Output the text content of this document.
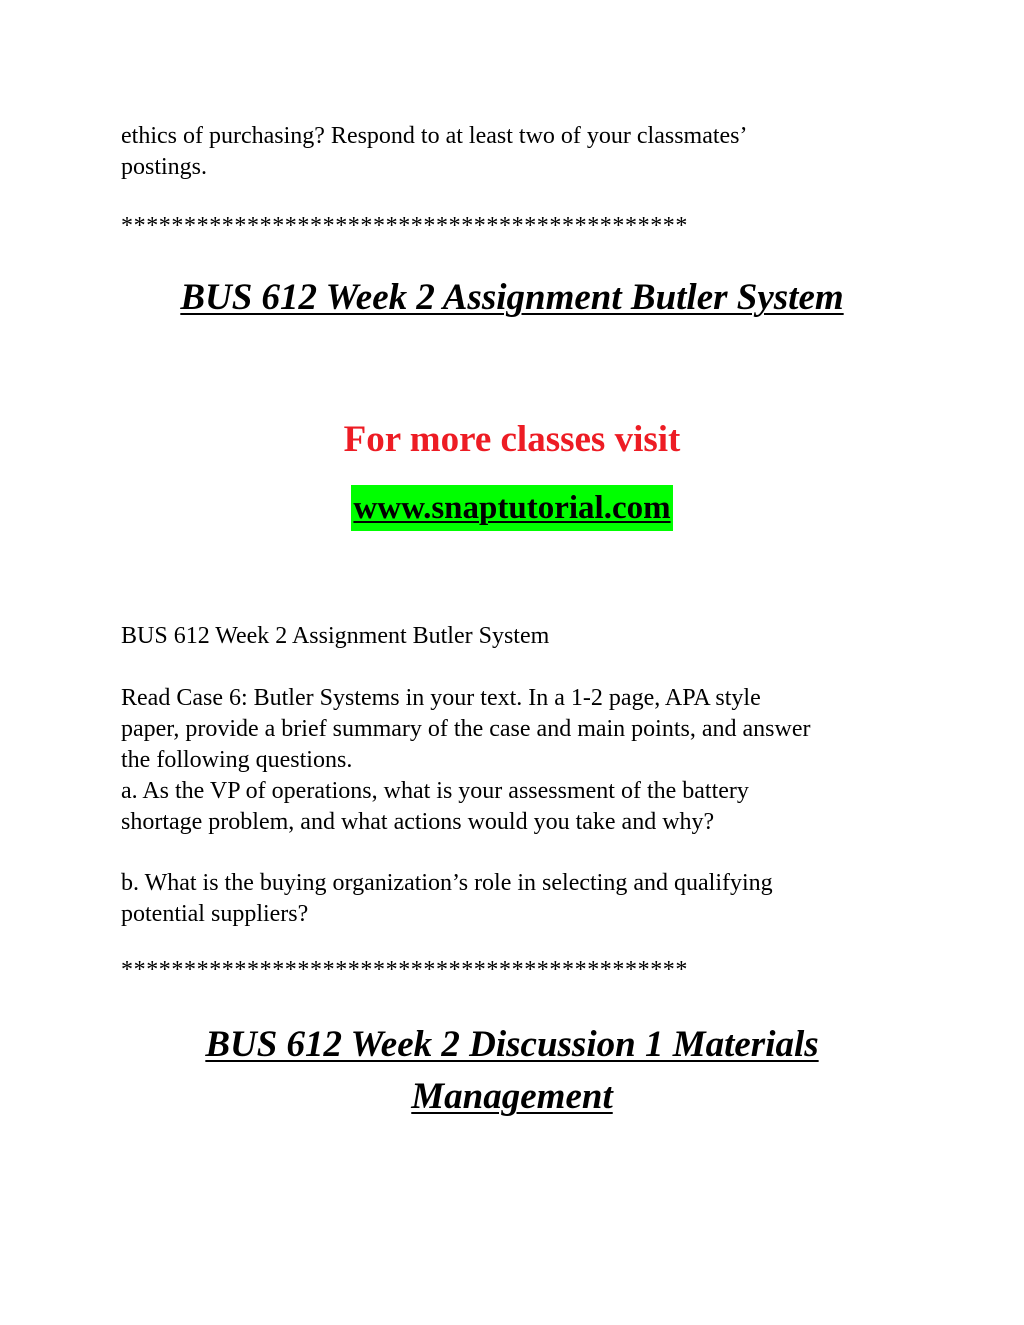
ethics of purchasing? Respond to at least two of your classmates’
postings.

*********************************************

BUS 612 Week 2 Assignment Butler System

For more classes visit

www.snaptutorial.com

BUS 612 Week 2 Assignment Butler System

Read Case 6: Butler Systems in your text. In a 1-2 page, APA style
paper, provide a brief summary of the case and main points, and answer
the following questions.
a. As the VP of operations, what is your assessment of the battery
shortage problem, and what actions would you take and why?

b. What is the buying organization’s role in selecting and qualifying
potential suppliers?

*********************************************

BUS 612 Week 2 Discussion 1 Materials
Management
